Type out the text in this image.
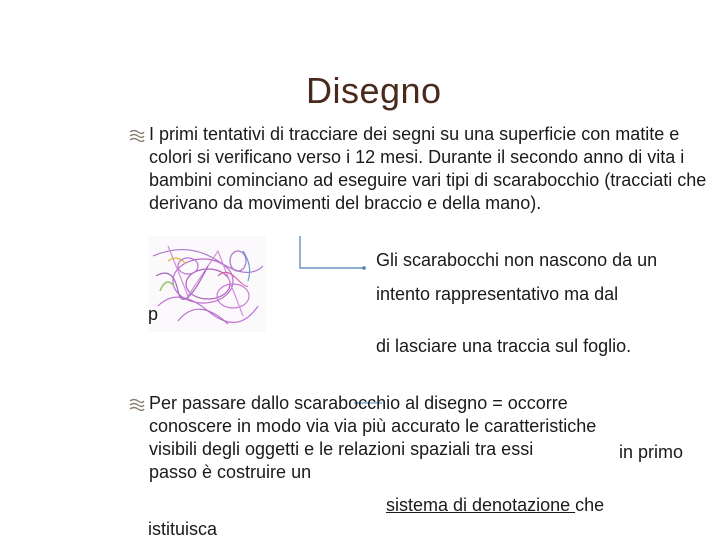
Disegno
I primi tentativi di tracciare dei segni su una superficie con matite e colori si verificano verso i 12 mesi. Durante il secondo anno di vita i bambini cominciano ad eseguire vari tipi di scarabocchio (tracciati che derivano da movimenti del braccio e della mano).
Gli scarabocchi non nascono da un
intento rappresentativo ma dal
p
di lasciare una traccia sul foglio.
Per passare dallo scarabocchio al disegno = occorre
conoscere in modo via via più accurato le caratteristiche
visibili degli oggetti e le relazioni spaziali tra essi
passo è costruire un
in primo
sistema di denotazione che
istituisca
